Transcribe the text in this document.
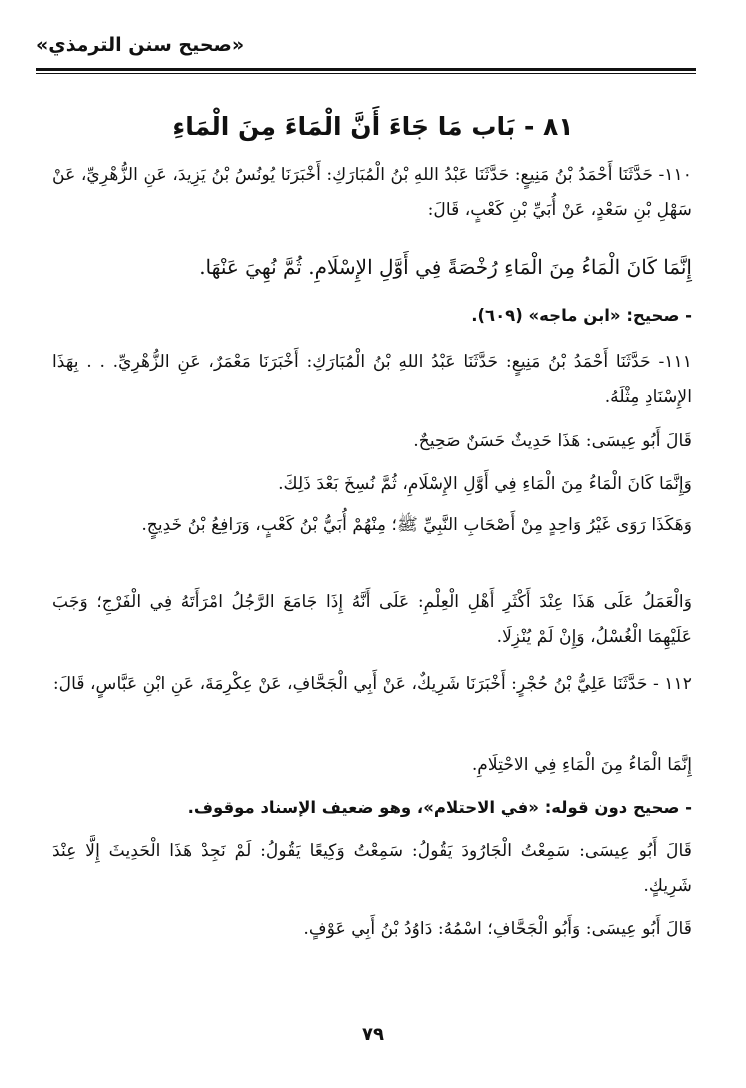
«صحيح سنن الترمذي»
٨١ - بَاب مَا جَاءَ أَنَّ الْمَاءَ مِنَ الْمَاءِ
١١٠- حَدَّثَنَا أَحْمَدُ بْنُ مَنِيعٍ: حَدَّثَنَا عَبْدُ اللهِ بْنُ الْمُبَارَكِ: أَخْبَرَنَا يُونُسُ بْنُ يَزِيدَ، عَنِ الزُّهْرِيِّ، عَنْ سَهْلِ بْنِ سَعْدٍ، عَنْ أُبَيِّ بْنِ كَعْبٍ، قَالَ:
إِنَّمَا كَانَ الْمَاءُ مِنَ الْمَاءِ رُخْصَةً فِي أَوَّلِ الإِسْلَامِ. ثُمَّ نُهِيَ عَنْهَا.
- صحيح: «ابن ماجه» (٦٠٩).
١١١- حَدَّثَنَا أَحْمَدُ بْنُ مَنِيعٍ: حَدَّثَنَا عَبْدُ اللهِ بْنُ الْمُبَارَكِ: أَخْبَرَنَا مَعْمَرٌ، عَنِ الزُّهْرِيِّ. . . بِهَذَا الإِسْنَادِ مِثْلَهُ.
قَالَ أَبُو عِيسَى: هَذَا حَدِيثٌ حَسَنٌ صَحِيحٌ.
وَإِنَّمَا كَانَ الْمَاءُ مِنَ الْمَاءِ فِي أَوَّلِ الإِسْلَامِ، ثُمَّ نُسِخَ بَعْدَ ذَلِكَ.
وَهَكَذَا رَوَى غَيْرُ وَاحِدٍ مِنْ أَصْحَابِ النَّبِيِّ ﷺ؛ مِنْهُمْ أُبَيُّ بْنُ كَعْبٍ، وَرَافِعُ بْنُ خَدِيجٍ.
وَالْعَمَلُ عَلَى هَذَا عِنْدَ أَكْثَرِ أَهْلِ الْعِلْمِ: عَلَى أَنَّهُ إِذَا جَامَعَ الرَّجُلُ امْرَأَتَهُ فِي الْفَرْجِ؛ وَجَبَ عَلَيْهِمَا الْغُسْلُ، وَإِنْ لَمْ يُنْزِلَا.
١١٢ - حَدَّثَنَا عَلِيُّ بْنُ حُجْرٍ: أَخْبَرَنَا شَرِيكٌ، عَنْ أَبِي الْجَحَّافِ، عَنْ عِكْرِمَةَ، عَنِ ابْنِ عَبَّاسٍ، قَالَ:
إِنَّمَا الْمَاءُ مِنَ الْمَاءِ فِي الاحْتِلَامِ.
- صحيح دون قوله: «في الاحتلام»، وهو ضعيف الإسناد موقوف.
قَالَ أَبُو عِيسَى: سَمِعْتُ الْجَارُودَ يَقُولُ: سَمِعْتُ وَكِيعًا يَقُولُ: لَمْ نَجِدْ هَذَا الْحَدِيثَ إِلَّا عِنْدَ شَرِيكٍ.
قَالَ أَبُو عِيسَى: وَأَبُو الْجَحَّافِ؛ اسْمُهُ: دَاوُدُ بْنُ أَبِي عَوْفٍ.
٧٩
